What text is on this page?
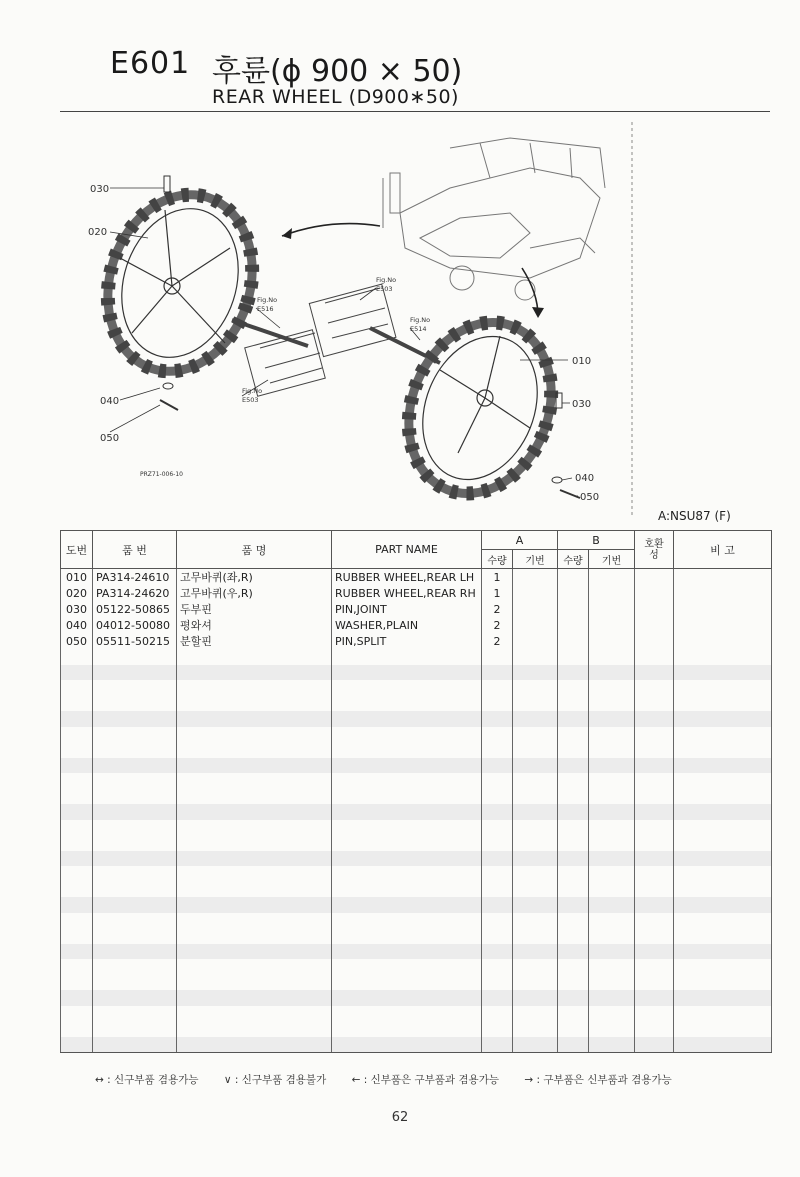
E601 후륜(ϕ 900 × 50)
REAR WHEEL (D900∗50)
030
020
040
050
010
030
040
050
Fig.No
E516
Fig.No
E503
Fig.No
E514
Fig.No
E503
PRZ71-006-10
A:NSU87 (F)
도번	품 번	품 명	PART NAME	A		B		호환성	비 고
				수량	기번	수량	기번		
010	PA314-24610	고무바퀴(좌,R)	RUBBER WHEEL,REAR LH	1					
020	PA314-24620	고무바퀴(우,R)	RUBBER WHEEL,REAR RH	1					
030	05122-50865	두부핀	PIN,JOINT	2					
040	04012-50080	평와셔	WASHER,PLAIN	2					
050	05511-50215	분할핀	PIN,SPLIT	2					

↔ : 신구부품 겸용가능 ∨ : 신구부품 겸용불가 ← : 신부품은 구부품과 겸용가능 → : 구부품은 신부품과 겸용가능
62
